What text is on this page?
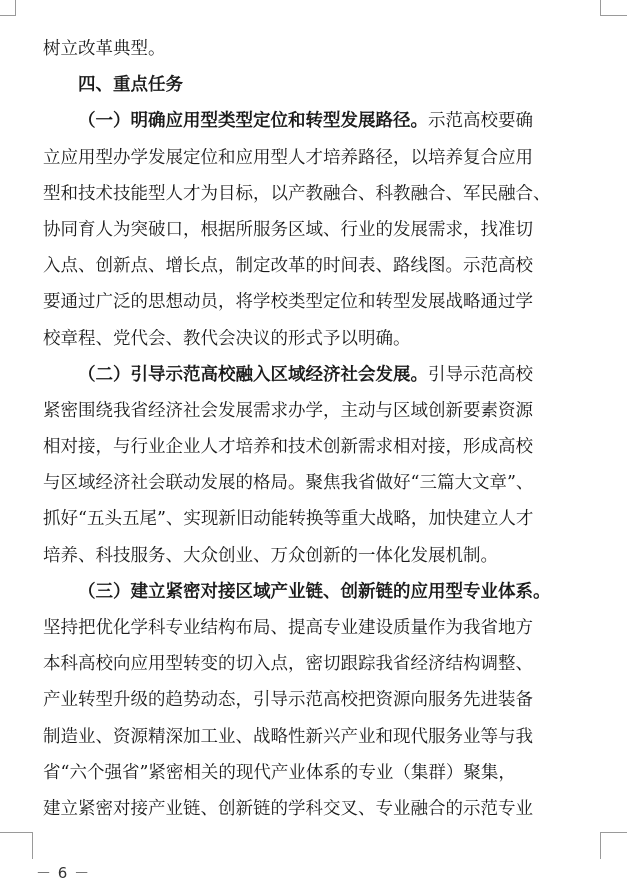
树立改革典型。
四、重点任务
（一）明确应用型类型定位和转型发展路径。示范高校要确
立应用型办学发展定位和应用型人才培养路径，以培养复合应用
型和技术技能型人才为目标，以产教融合、科教融合、军民融合、
协同育人为突破口，根据所服务区域、行业的发展需求，找准切
入点、创新点、增长点，制定改革的时间表、路线图。示范高校
要通过广泛的思想动员，将学校类型定位和转型发展战略通过学
校章程、党代会、教代会决议的形式予以明确。
（二）引导示范高校融入区域经济社会发展。引导示范高校
紧密围绕我省经济社会发展需求办学，主动与区域创新要素资源
相对接，与行业企业人才培养和技术创新需求相对接，形成高校
与区域经济社会联动发展的格局。聚焦我省做好“三篇大文章”、
抓好“五头五尾”、实现新旧动能转换等重大战略，加快建立人才
培养、科技服务、大众创业、万众创新的一体化发展机制。
（三）建立紧密对接区域产业链、创新链的应用型专业体系。
坚持把优化学科专业结构布局、提高专业建设质量作为我省地方
本科高校向应用型转变的切入点，密切跟踪我省经济结构调整、
产业转型升级的趋势动态，引导示范高校把资源向服务先进装备
制造业、资源精深加工业、战略性新兴产业和现代服务业等与我
省“六个强省”紧密相关的现代产业体系的专业（集群）聚集，
建立紧密对接产业链、创新链的学科交叉、专业融合的示范专业
－ 6 －
